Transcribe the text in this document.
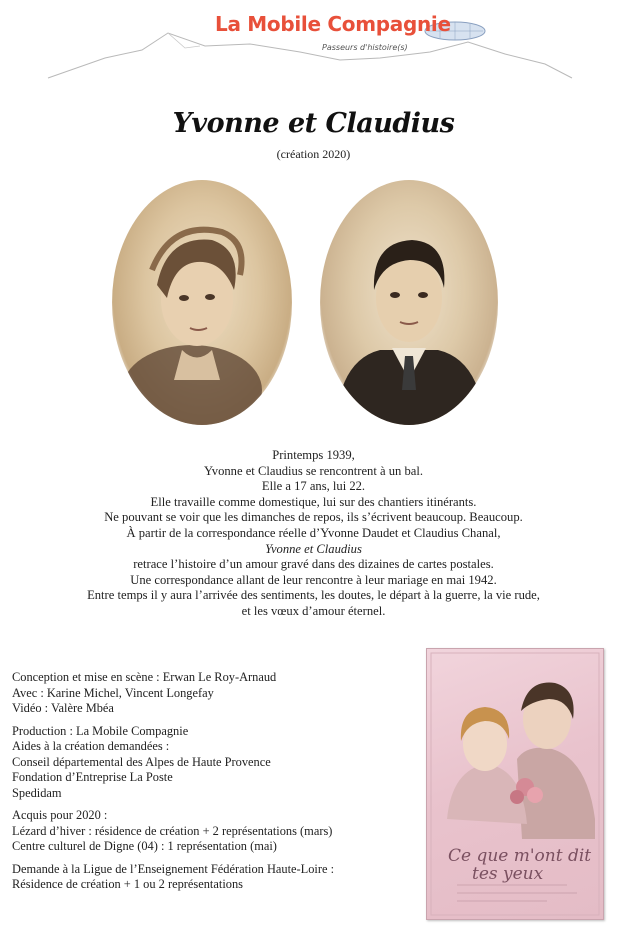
La Mobile Compagnie
Passeurs d'histoire(s)
Yvonne et Claudius
(création 2020)
Printemps 1939,
Yvonne et Claudius se rencontrent à un bal.
Elle a 17 ans, lui 22.
Elle travaille comme domestique, lui sur des chantiers itinérants.
Ne pouvant se voir que les dimanches de repos, ils s’écrivent beaucoup. Beaucoup.
À partir de la correspondance réelle d’Yvonne Daudet et Claudius Chanal,
Yvonne et Claudius
retrace l’histoire d’un amour gravé dans des dizaines de cartes postales.
Une correspondance allant de leur rencontre à leur mariage en mai 1942.
Entre temps il y aura l’arrivée des sentiments, les doutes, le départ à la guerre, la vie rude,
et les vœux d’amour éternel.
Conception et mise en scène : Erwan Le Roy-Arnaud
Avec : Karine Michel, Vincent Longefay
Vidéo : Valère Mbéa
Production : La Mobile Compagnie
Aides à la création demandées :
Conseil départemental des Alpes de Haute Provence
Fondation d’Entreprise La Poste
Spedidam
Acquis pour 2020 :
Lézard d’hiver : résidence de création + 2 représentations (mars)
Centre culturel de Digne (04) : 1 représentation (mai)
Demande à la Ligue de l’Enseignement Fédération Haute-Loire :
Résidence de création + 1 ou 2 représentations
Ce que m'ont dit
tes yeux
